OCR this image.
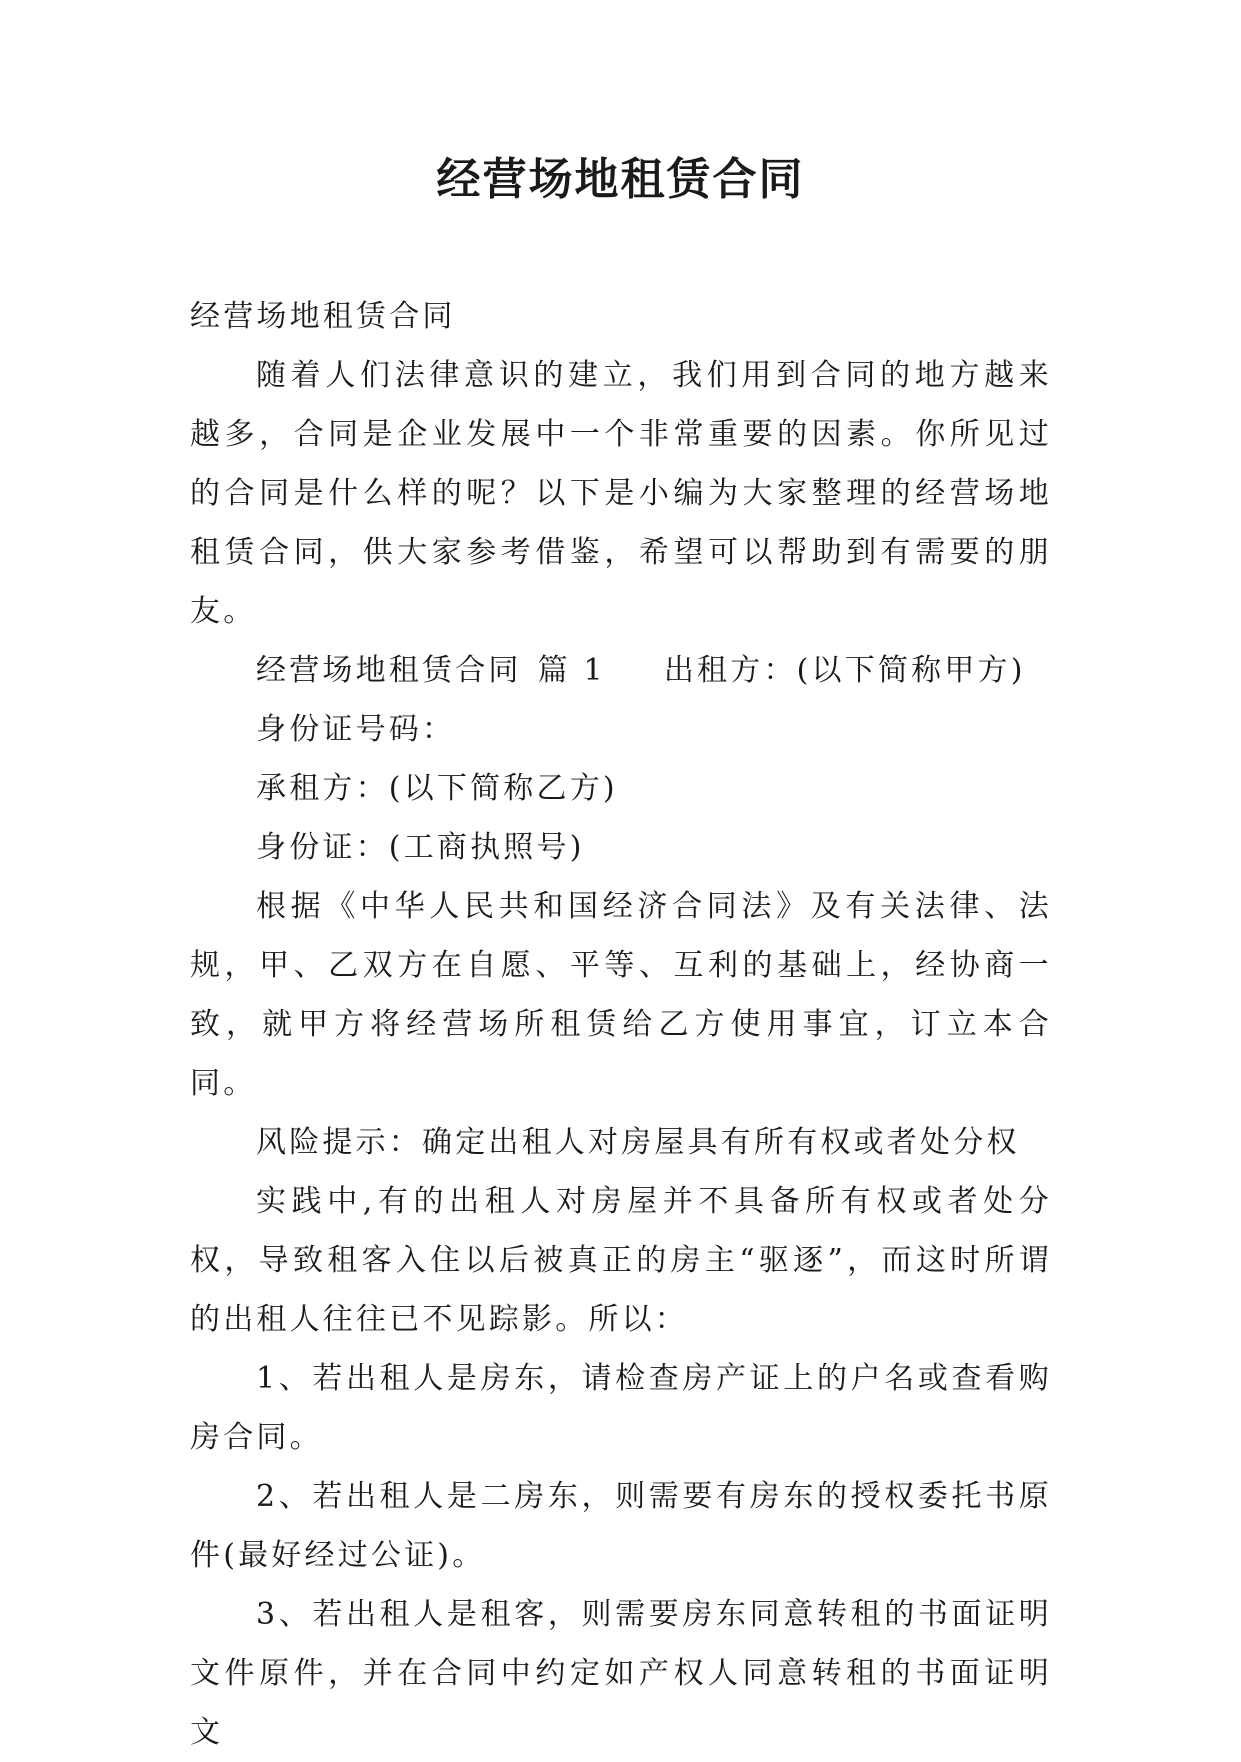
经营场地租赁合同

经营场地租赁合同

随着人们法律意识的建立，我们用到合同的地方越来越多，合同是企业发展中一个非常重要的因素。你所见过的合同是什么样的呢？以下是小编为大家整理的经营场地租赁合同，供大家参考借鉴，希望可以帮助到有需要的朋友。

经营场地租赁合同 篇 1 出租方：(以下简称甲方)

身份证号码：

承租方：(以下简称乙方)

身份证：(工商执照号)

根据《中华人民共和国经济合同法》及有关法律、法规，甲、乙双方在自愿、平等、互利的基础上，经协商一致，就甲方将经营场所租赁给乙方使用事宜，订立本合同。

风险提示：确定出租人对房屋具有所有权或者处分权

实践中,有的出租人对房屋并不具备所有权或者处分权，导致租客入住以后被真正的房主“驱逐”，而这时所谓的出租人往往已不见踪影。所以：

1、若出租人是房东，请检查房产证上的户名或查看购房合同。

2、若出租人是二房东，则需要有房东的授权委托书原件(最好经过公证)。

3、若出租人是租客，则需要房东同意转租的书面证明文件原件，并在合同中约定如产权人同意转租的书面证明文
